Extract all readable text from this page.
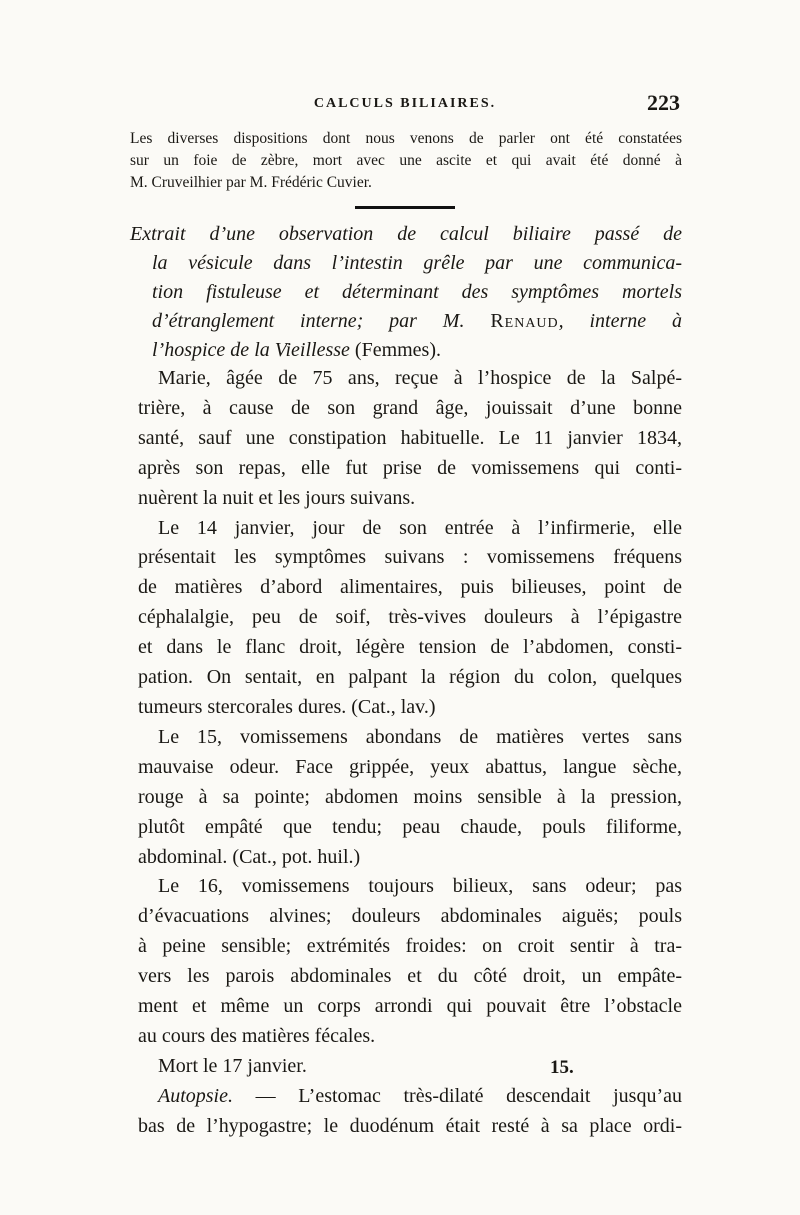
CALCULS BILIAIRES.	223
Les diverses dispositions dont nous venons de parler ont été constatées
sur un foie de zèbre, mort avec une ascite et qui avait été donné à
M. Cruveilhier par M. Frédéric Cuvier.
Extrait d’une observation de calcul biliaire passé de
la vésicule dans l’intestin grêle par une communica-
tion fistuleuse et déterminant des symptômes mortels
d’étranglement interne; par M. Renaud, interne à
l’hospice de la Vieillesse (Femmes).
Marie, âgée de 75 ans, reçue à l’hospice de la Salpé-
trière, à cause de son grand âge, jouissait d’une bonne
santé, sauf une constipation habituelle. Le 11 janvier 1834,
après son repas, elle fut prise de vomissemens qui conti-
nuèrent la nuit et les jours suivans.
Le 14 janvier, jour de son entrée à l’infirmerie, elle
présentait les symptômes suivans : vomissemens fréquens
de matières d’abord alimentaires, puis bilieuses, point de
céphalalgie, peu de soif, très-vives douleurs à l’épigastre
et dans le flanc droit, légère tension de l’abdomen, consti-
pation. On sentait, en palpant la région du colon, quelques
tumeurs stercorales dures. (Cat., lav.)
Le 15, vomissemens abondans de matières vertes sans
mauvaise odeur. Face grippée, yeux abattus, langue sèche,
rouge à sa pointe; abdomen moins sensible à la pression,
plutôt empâté que tendu; peau chaude, pouls filiforme,
abdominal. (Cat., pot. huil.)
Le 16, vomissemens toujours bilieux, sans odeur; pas
d’évacuations alvines; douleurs abdominales aiguës; pouls
à peine sensible; extrémités froides: on croit sentir à tra-
vers les parois abdominales et du côté droit, un empâte-
ment et même un corps arrondi qui pouvait être l’obstacle
au cours des matières fécales.
Mort le 17 janvier.
Autopsie. — L’estomac très-dilaté descendait jusqu’au
bas de l’hypogastre; le duodénum était resté à sa place ordi-
15.
